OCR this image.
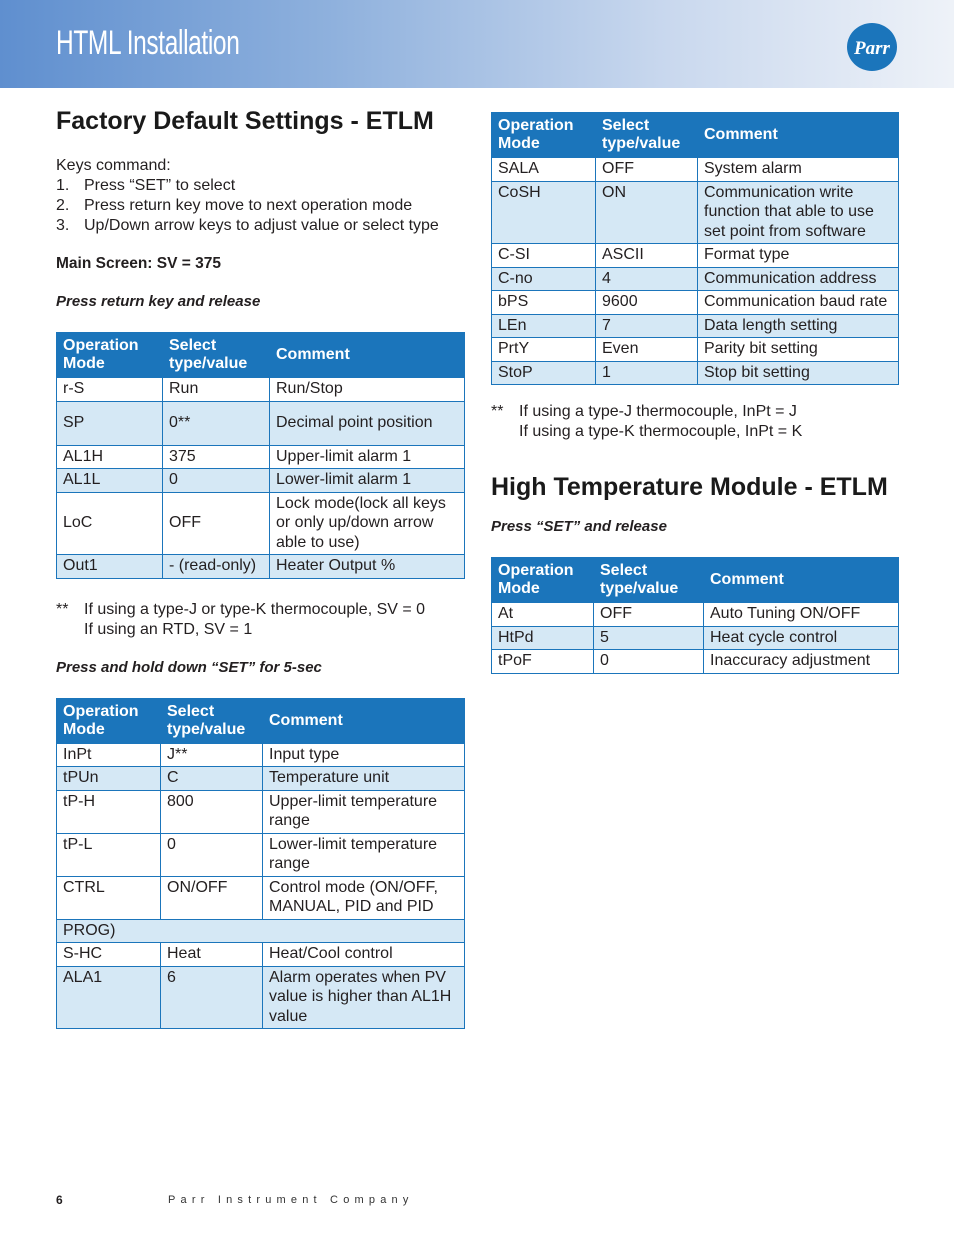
HTML Installation	Parr
Factory Default Settings - ETLM
Keys command:
1. Press “SET” to select
2. Press return key move to next operation mode
3. Up/Down arrow keys to adjust value or select type
Main Screen: SV = 375
Press return key and release
Operation Mode	Select type/value	Comment
r-S	Run	Run/Stop
SP	0**	Decimal point position
AL1H	375	Upper-limit alarm 1
AL1L	0	Lower-limit alarm 1
LoC	OFF	Lock mode(lock all keys or only up/down arrow able to use)
Out1	- (read-only)	Heater Output %
** If using a type-J or type-K thermocouple, SV = 0
If using an RTD, SV = 1
Press and hold down “SET” for 5-sec
Operation Mode	Select type/value	Comment
InPt	J**	Input type
tPUn	C	Temperature unit
tP-H	800	Upper-limit temperature range
tP-L	0	Lower-limit temperature range
CTRL	ON/OFF	Control mode (ON/OFF, MANUAL, PID and PID
PROG)		
S-HC	Heat	Heat/Cool control
ALA1	6	Alarm operates when PV value is higher than AL1H value
Operation Mode	Select type/value	Comment
SALA	OFF	System alarm
CoSH	ON	Communication write function that able to use set point from software
C-SI	ASCII	Format type
C-no	4	Communication address
bPS	9600	Communication baud rate
LEn	7	Data length setting
PrtY	Even	Parity bit setting
StoP	1	Stop bit setting
** If using a type-J thermocouple, InPt = J
If using a type-K thermocouple, InPt = K
High Temperature Module - ETLM
Press “SET” and release
Operation Mode	Select type/value	Comment
At	OFF	Auto Tuning ON/OFF
HtPd	5	Heat cycle control
tPoF	0	Inaccuracy adjustment
6	Parr Instrument Company
